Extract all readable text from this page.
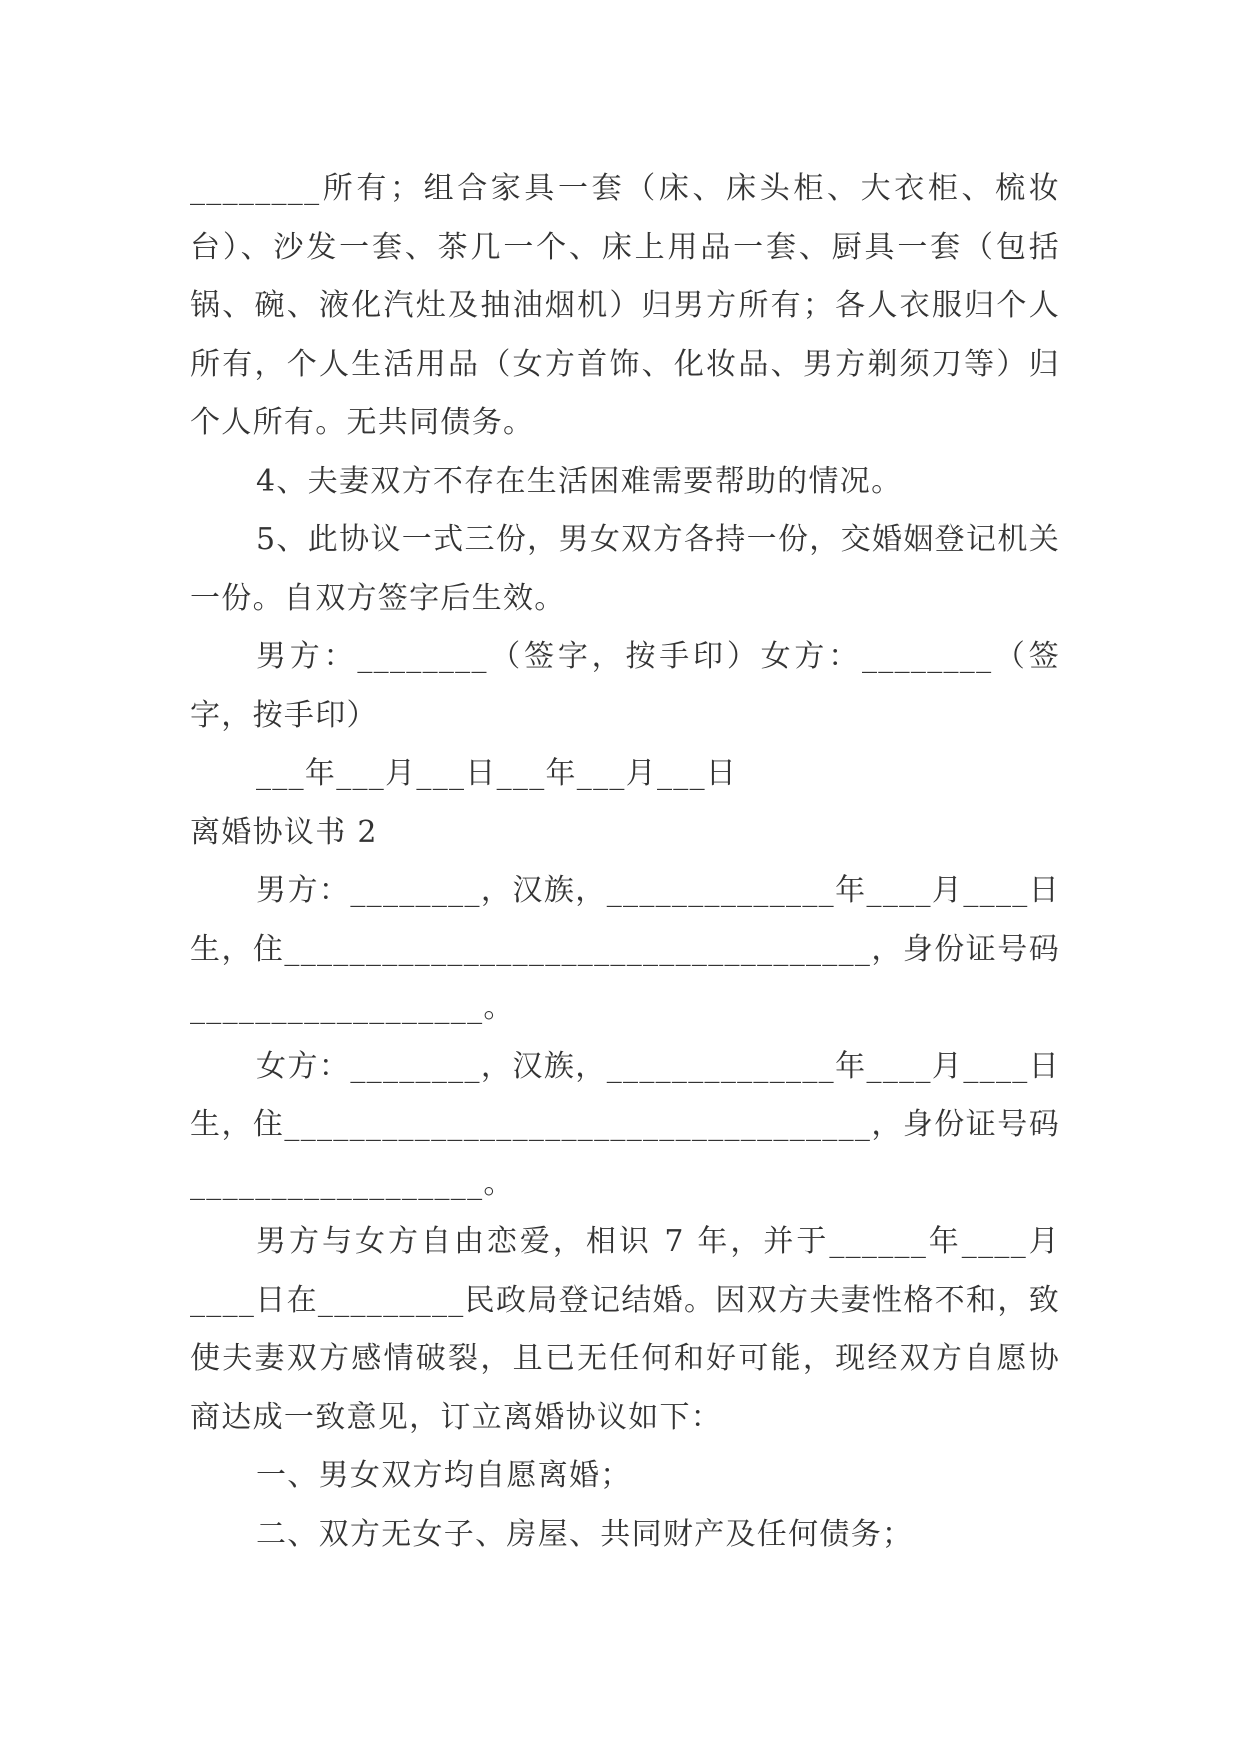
________所有；组合家具一套（床、床头柜、大衣柜、梳妆台）、沙发一套、茶几一个、床上用品一套、厨具一套（包括锅、碗、液化汽灶及抽油烟机）归男方所有；各人衣服归个人所有，个人生活用品（女方首饰、化妆品、男方剃须刀等）归个人所有。无共同债务。

4、夫妻双方不存在生活困难需要帮助的情况。

5、此协议一式三份，男女双方各持一份，交婚姻登记机关一份。自双方签字后生效。

男方：________（签字，按手印）女方：________（签字，按手印）

___年___月___日___年___月___日

离婚协议书 2

男方：________，汉族，______________年____月____日生，住____________________________________，身份证号码__________________。

女方：________，汉族，______________年____月____日生，住____________________________________，身份证号码__________________。

男方与女方自由恋爱，相识 7 年，并于______年____月____日在_________民政局登记结婚。因双方夫妻性格不和，致使夫妻双方感情破裂，且已无任何和好可能，现经双方自愿协商达成一致意见，订立离婚协议如下：

一、男女双方均自愿离婚；

二、双方无女子、房屋、共同财产及任何债务；
